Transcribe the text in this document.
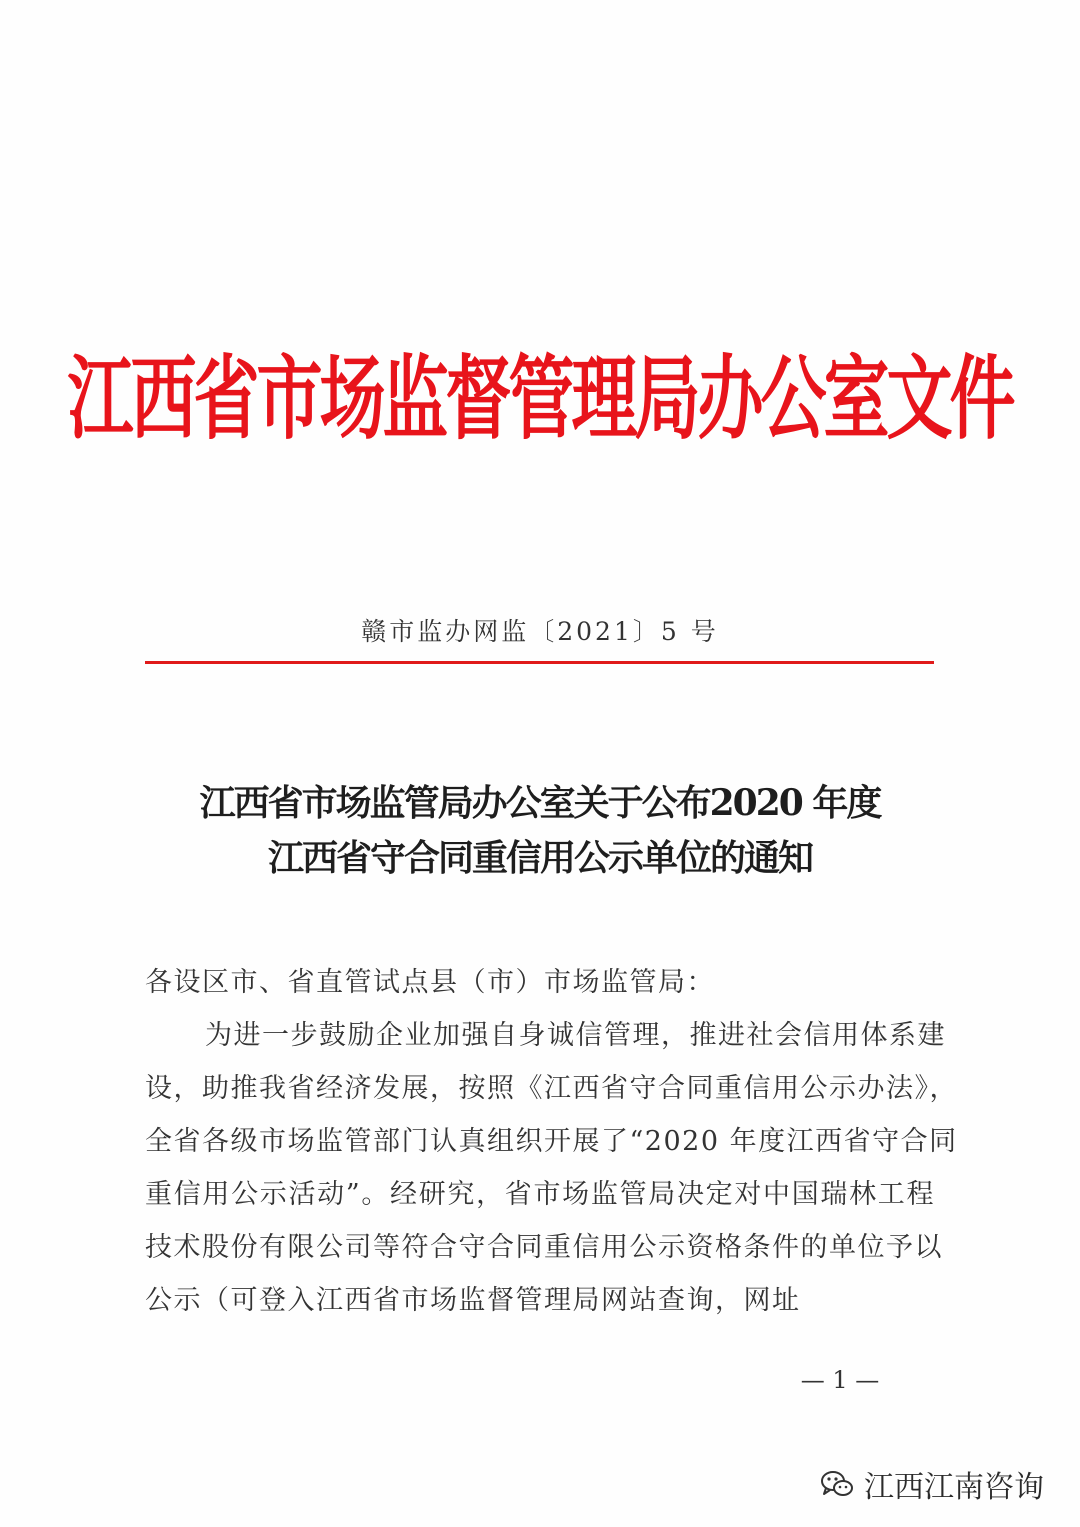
江西省市场监督管理局办公室文件
赣市监办网监〔2021〕5 号
江西省市场监管局办公室关于公布2020 年度
江西省守合同重信用公示单位的通知
各设区市、省直管试点县（市）市场监管局：
为进一步鼓励企业加强自身诚信管理，推进社会信用体系建
设，助推我省经济发展，按照《江西省守合同重信用公示办法》，
全省各级市场监管部门认真组织开展了“2020 年度江西省守合同
重信用公示活动”。经研究，省市场监管局决定对中国瑞林工程
技术股份有限公司等符合守合同重信用公示资格条件的单位予以
公示（可登入江西省市场监督管理局网站查询，网址
— 1 —
江西江南咨询
